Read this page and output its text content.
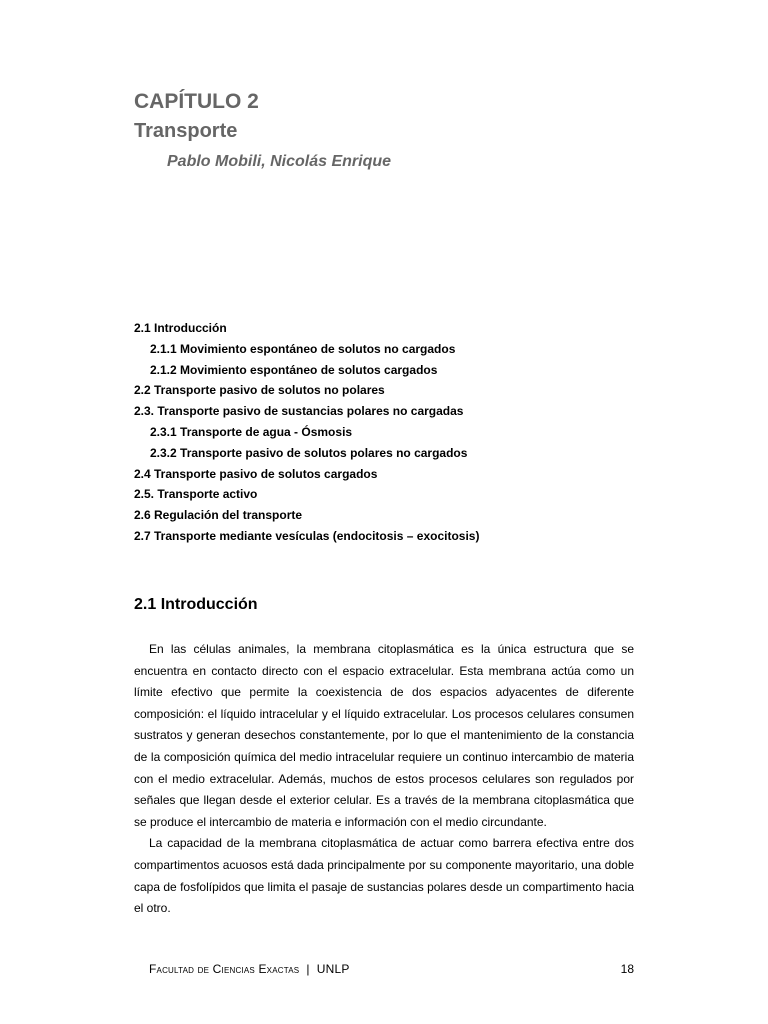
CAPÍTULO 2
Transporte

Pablo Mobili, Nicolás Enrique

2.1 Introducción
2.1.1 Movimiento espontáneo de solutos no cargados
2.1.2 Movimiento espontáneo de solutos cargados
2.2 Transporte pasivo de solutos no polares
2.3. Transporte pasivo de sustancias polares no cargadas
2.3.1 Transporte de agua - Ósmosis
2.3.2 Transporte pasivo de solutos polares no cargados
2.4 Transporte pasivo de solutos cargados
2.5. Transporte activo
2.6 Regulación del transporte
2.7 Transporte mediante vesículas (endocitosis – exocitosis)
2.1 Introducción

En las células animales, la membrana citoplasmática es la única estructura que se encuentra en contacto directo con el espacio extracelular. Esta membrana actúa como un límite efectivo que permite la coexistencia de dos espacios adyacentes de diferente composición: el líquido intracelular y el líquido extracelular. Los procesos celulares consumen sustratos y generan desechos constantemente, por lo que el mantenimiento de la constancia de la composición química del medio intracelular requiere un continuo intercambio de materia con el medio extracelular. Además, muchos de estos procesos celulares son regulados por señales que llegan desde el exterior celular. Es a través de la membrana citoplasmática que se produce el intercambio de materia e información con el medio circundante.

La capacidad de la membrana citoplasmática de actuar como barrera efectiva entre dos compartimentos acuosos está dada principalmente por su componente mayoritario, una doble capa de fosfolípidos que limita el pasaje de sustancias polares desde un compartimento hacia el otro.

Facultad de Ciencias Exactas  |  UNLP	18
